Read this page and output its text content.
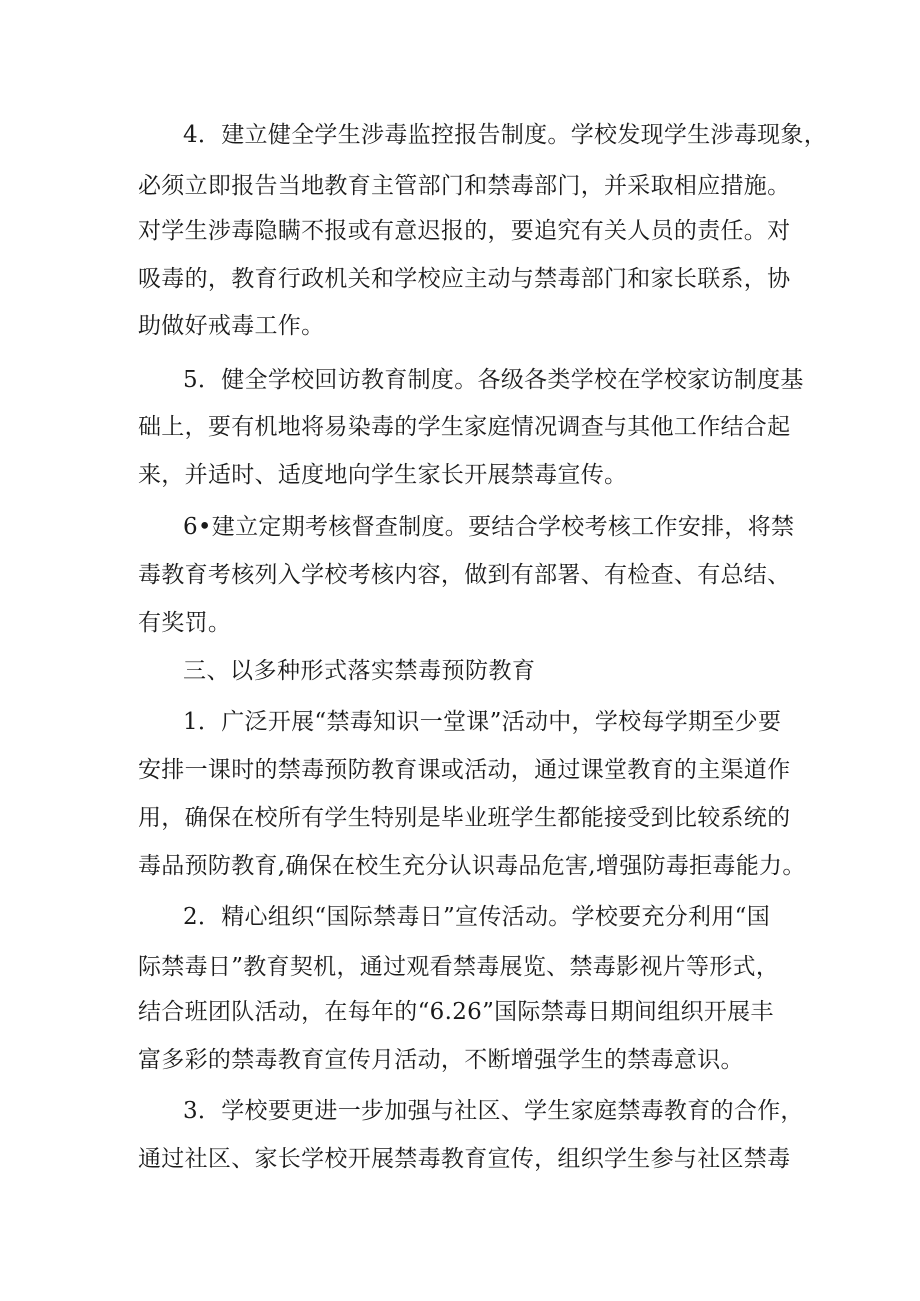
4．建立健全学生涉毒监控报告制度。学校发现学生涉毒现象，
必须立即报告当地教育主管部门和禁毒部门，并采取相应措施。
对学生涉毒隐瞒不报或有意迟报的，要追究有关人员的责任。对
吸毒的，教育行政机关和学校应主动与禁毒部门和家长联系，协
助做好戒毒工作。
5．健全学校回访教育制度。各级各类学校在学校家访制度基
础上，要有机地将易染毒的学生家庭情况调查与其他工作结合起
来，并适时、适度地向学生家长开展禁毒宣传。
6•建立定期考核督查制度。要结合学校考核工作安排，将禁
毒教育考核列入学校考核内容，做到有部署、有检查、有总结、
有奖罚。
三、以多种形式落实禁毒预防教育
1．广泛开展“禁毒知识一堂课”活动中，学校每学期至少要
安排一课时的禁毒预防教育课或活动，通过课堂教育的主渠道作
用，确保在校所有学生特别是毕业班学生都能接受到比较系统的
毒品预防教育,确保在校生充分认识毒品危害,增强防毒拒毒能力。
2．精心组织“国际禁毒日”宣传活动。学校要充分利用“国
际禁毒日”教育契机，通过观看禁毒展览、禁毒影视片等形式，
结合班团队活动，在每年的“6.26”国际禁毒日期间组织开展丰
富多彩的禁毒教育宣传月活动，不断增强学生的禁毒意识。
3．学校要更进一步加强与社区、学生家庭禁毒教育的合作，
通过社区、家长学校开展禁毒教育宣传，组织学生参与社区禁毒
